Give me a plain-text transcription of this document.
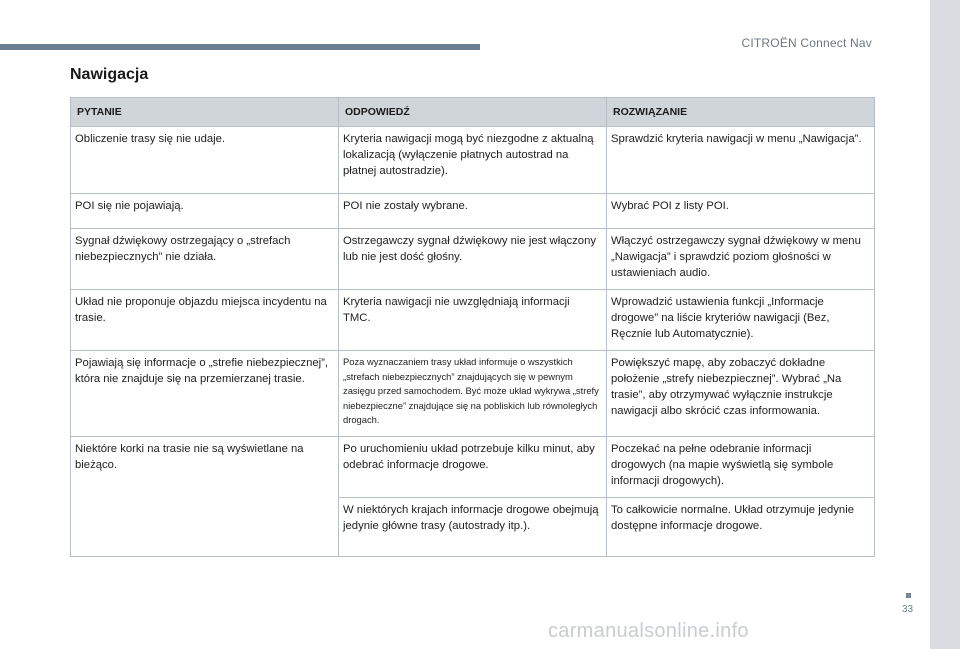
CITROËN Connect Nav
Nawigacja
PYTANIE	ODPOWIEDŹ	ROZWIĄZANIE
Obliczenie trasy się nie udaje.	Kryteria nawigacji mogą być niezgodne z aktualną lokalizacją (wyłączenie płatnych autostrad na płatnej autostradzie).	Sprawdzić kryteria nawigacji w menu „Nawigacja”.
POI się nie pojawiają.	POI nie zostały wybrane.	Wybrać POI z listy POI.
Sygnał dźwiękowy ostrzegający o „strefach niebezpiecznych” nie działa.	Ostrzegawczy sygnał dźwiękowy nie jest włączony lub nie jest dość głośny.	Włączyć ostrzegawczy sygnał dźwiękowy w menu „Nawigacja” i sprawdzić poziom głośności w ustawieniach audio.
Układ nie proponuje objazdu miejsca incydentu na trasie.	Kryteria nawigacji nie uwzględniają informacji TMC.	Wprowadzić ustawienia funkcji „Informacje drogowe” na liście kryteriów nawigacji (Bez, Ręcznie lub Automatycznie).
Pojawiają się informacje o „strefie niebezpiecznej”, która nie znajduje się na przemierzanej trasie.	Poza wyznaczaniem trasy układ informuje o wszystkich „strefach niebezpiecznych” znajdujących się w pewnym zasięgu przed samochodem. Być może układ wykrywa „strefy niebezpieczne” znajdujące się na pobliskich lub równoległych drogach.	Powiększyć mapę, aby zobaczyć dokładne położenie „strefy niebezpiecznej”. Wybrać „Na trasie”, aby otrzymywać wyłącznie instrukcje nawigacji albo skrócić czas informowania.
Niektóre korki na trasie nie są wyświetlane na bieżąco.	Po uruchomieniu układ potrzebuje kilku minut, aby odebrać informacje drogowe.	Poczekać na pełne odebranie informacji drogowych (na mapie wyświetlą się symbole informacji drogowych).
	W niektórych krajach informacje drogowe obejmują jedynie główne trasy (autostrady itp.).	To całkowicie normalne. Układ otrzymuje jedynie dostępne informacje drogowe.
33
carmanualsonline.info
